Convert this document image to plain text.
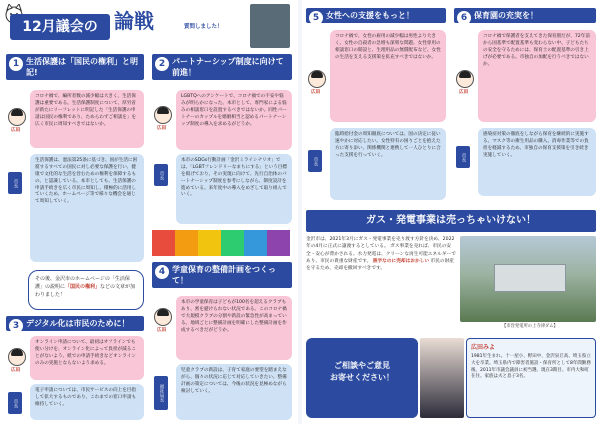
12月議会の 論戦	質問しました！
1 生活保護は「国民の権利」と明記!
広田
コロナ禍で、編所者数の減少幅は大きく、生活保護は重要である。生活保護制度について、厚労省が新たにリーフレットに明記した「生活保護の申請は国民の権利であり、ためらわずご相談を」を広く市民に周知すべきではないか。
市長
生活保護は、憲法第25条に基づき、国が生活に困窮するすべての国民に対し必要な保護を行い、健康で文化的な生活を営むための権利を保障するもの、と認識している。本市としても、生活保護の申請手続きを広く市民に周知し、積極的に活用していくため、ホームページ等で様々な機会を通じて周知していく。
その後、金沢市のホームページの「生活保護」の説明に「国民の権利」などの文章が加わりました！
3 デジタル化は市民のために！
広田
オンライン申請について、最初はオフラインでも使い分けを、オンライン化によって負担が減ることがないよう、紙での申請手続きなどオンラインのみの実施とならないよう求める。
市長
電子申請については、市民サービスの向上を目指して拡大するものであり、これまでの窓口申請も維持していく。
2 パートナーシップ制度に向けて前進！
広田
LGBTQへのアンケートで、コロナ禍での不安や悩みが明らかになった。本市として、専門家による悩みの相談窓口を設置するべきではないか。同性パートナーのカップルを婚姻相当と認めるパートナーシップ制度の導入を求めるがどうか。
市長
本市のSDGs行動計画「金沢ミライシナリオ」では、「LGBTフレンドリーなまちにする」という目標を掲げており、その実現に向けて、先行自治体のパートナーシップ制度を参考にしながら、制度設計を進めている。来年度中の導入をめざして取り組んでいく。
4 学童保育の整備計画をつくって！
広田
本市の学童保育は子どもが100名を超えるクラブもあり、密を避けられない状況である。このコロナ禍で大規模クラブの分割や新設の緊急性が高まっている。地域ごとに整備計画を明確にした整備計画を作成するべきだがどうか。
福祉局長
児童クラブの新設は、子育て家庭の要望を踏まえながら、個々の状況に応じて対応していきたい。整備計画の策定については、今後の状況を見極めながら検討していく。
5 女性への支援をもっと！
広田
コロナ禍で、女性の雇用の減少幅は男性より大きく、女性の自殺者の急増も深刻な問題。女性専用の相談窓口の開設と、生理用品の無償配布など、女性の生活を支える支援策を拡充すべきではないか。
市長
臨時給付金の周知徹底については、国の決定に従い速やかに対応したい。女性特有の困りごとを抱えた方に寄り添い、関係機関と連携して一人ひとりに合った支援を行っていく。
6 保育園の充実を！
広田
コロナ禍で保護者を支えてきた保育園だが、72年前から国基準で配置基準も変わらない中、子どもたちの安全を守るためには、保育士の配置基準の引き上げが必要である。市独自の加配を行うべきではないか。
市長
感染症対策の徹底をしながら保育を継続的に実施する。マスク等の衛生用品の購入、消毒作業等での負担を軽減するため、市独自の保育支援策を引き続き実施していく。
ガス・発電事業は売っちゃいけない！
金沢市は、2021年3月にガス・発電事業を売り渡す方針を決め、2022年の4月に正式に譲渡するとしている。 ガス事業を売れば、市民の安全・安心が脅かされる。水力発電は、クリーンな再生可能エネルギーであり、市民の貴重な財産です。 黒字なのに売却はおかしい 市民の財産を守るため、売却を撤回すべきです。
【市営発電所の上寺津ダム】
ご相談やご意見
お寄せください！
広田みよ
1981年生まれ。十一屋小、野田中、金沢泉丘高、埼玉県立大を卒業。埼玉県内で障害者施設・保育所として8年間勤務後、2011年市議会議員に初当選。現在3期目。市内大和町在住。家族は夫と息子3名。
